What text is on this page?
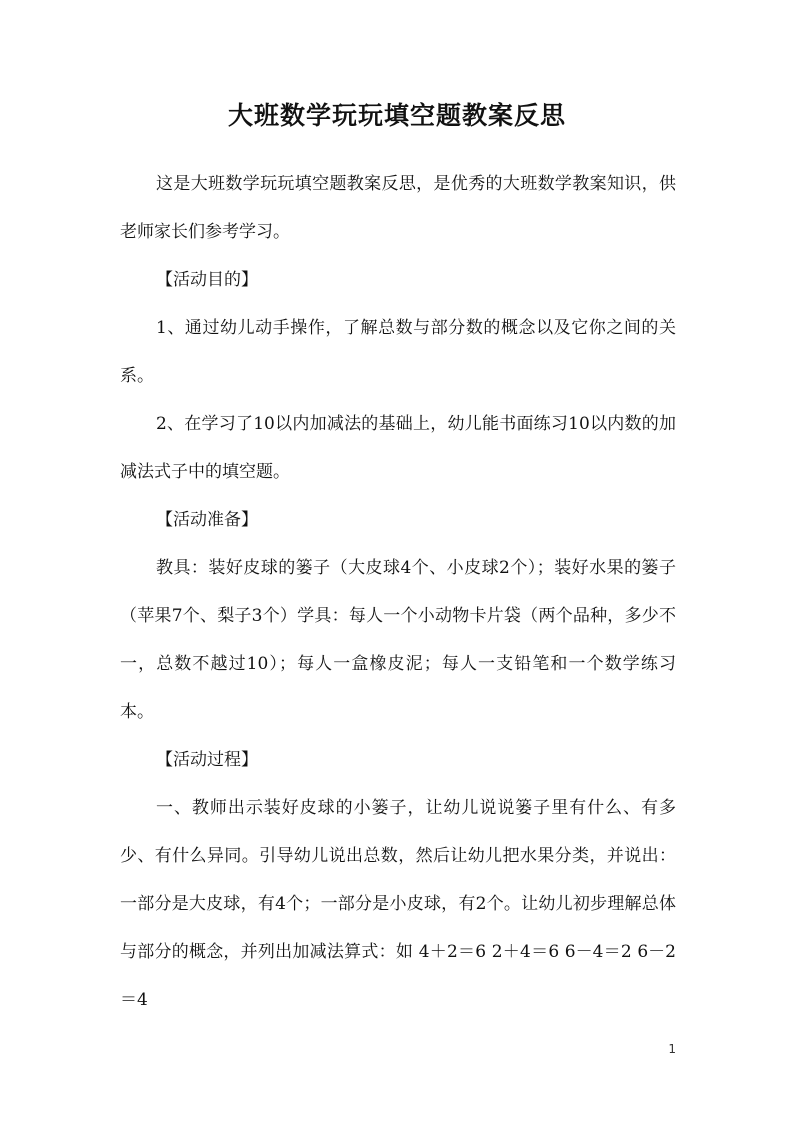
大班数学玩玩填空题教案反思

这是大班数学玩玩填空题教案反思，是优秀的大班数学教案知识，供老师家长们参考学习。

【活动目的】

1、通过幼儿动手操作，了解总数与部分数的概念以及它你之间的关系。

2、在学习了10以内加减法的基础上，幼儿能书面练习10以内数的加减法式子中的填空题。

【活动准备】

教具：装好皮球的篓子（大皮球4个、小皮球2个）；装好水果的篓子（苹果7个、梨子3个）学具：每人一个小动物卡片袋（两个品种，多少不一，总数不越过10）；每人一盒橡皮泥；每人一支铅笔和一个数学练习本。

【活动过程】

一、教师出示装好皮球的小篓子，让幼儿说说篓子里有什么、有多少、有什么异同。引导幼儿说出总数，然后让幼儿把水果分类，并说出：一部分是大皮球，有4个；一部分是小皮球，有2个。让幼儿初步理解总体与部分的概念，并列出加减法算式：如 4＋2＝6 2＋4＝6 6－4＝2 6－2＝4

1
